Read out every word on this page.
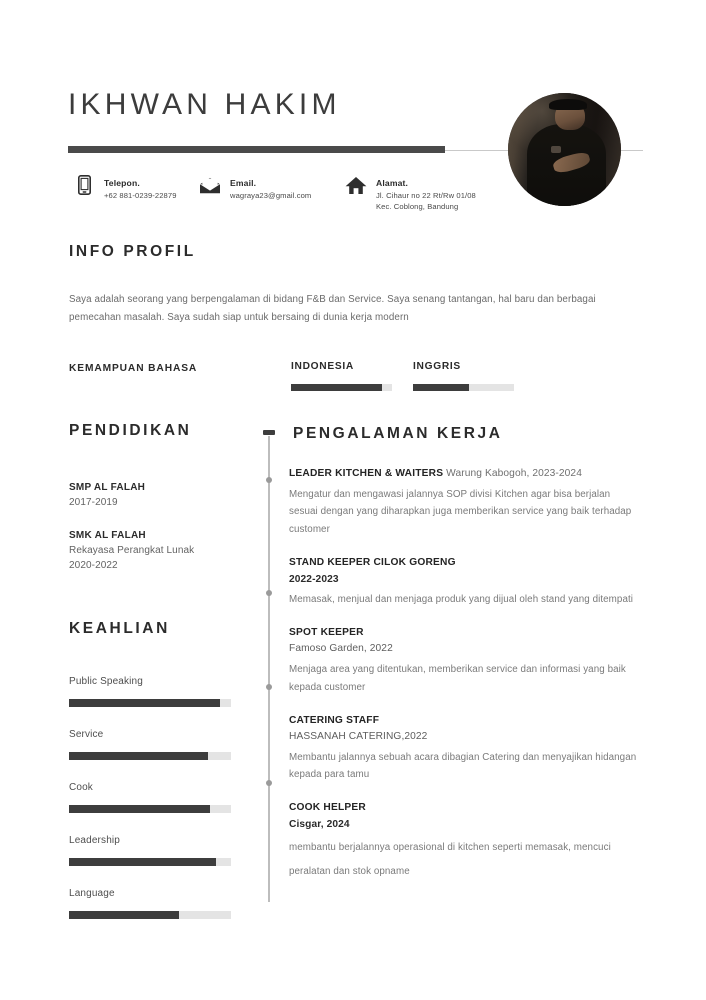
IKHWAN HAKIM
Telepon.
+62 881-0239-22879
Email.
wagraya23@gmail.com
Alamat.
Jl. Cihaur no 22 Rt/Rw 01/08
Kec. Coblong, Bandung
INFO PROFIL
Saya adalah seorang yang berpengalaman di bidang F&B dan Service. Saya senang tantangan, hal baru dan berbagai pemecahan masalah. Saya sudah siap untuk bersaing di dunia kerja modern
KEMAMPUAN BAHASA	INDONESIA	INGGRIS
PENDIDIKAN
SMP AL FALAH
2017-2019
SMK AL FALAH
Rekayasa Perangkat Lunak
2020-2022
KEAHLIAN
Public Speaking
Service
Cook
Leadership
Language
PENGALAMAN KERJA
LEADER KITCHEN & WAITERS Warung Kabogoh, 2023-2024
Mengatur dan mengawasi jalannya SOP divisi Kitchen agar bisa berjalan sesuai dengan yang diharapkan juga memberikan service yang baik terhadap customer
STAND KEEPER CILOK GORENG
2022-2023
Memasak, menjual dan menjaga produk yang dijual oleh stand yang ditempati
SPOT KEEPER
Famoso Garden, 2022
Menjaga area yang ditentukan, memberikan service dan informasi yang baik kepada customer
CATERING STAFF
HASSANAH CATERING,2022
Membantu jalannya sebuah acara dibagian Catering dan menyajikan hidangan kepada para tamu
COOK HELPER
Cisgar, 2024
membantu berjalannya operasional di kitchen seperti memasak, mencuci peralatan dan stok opname
